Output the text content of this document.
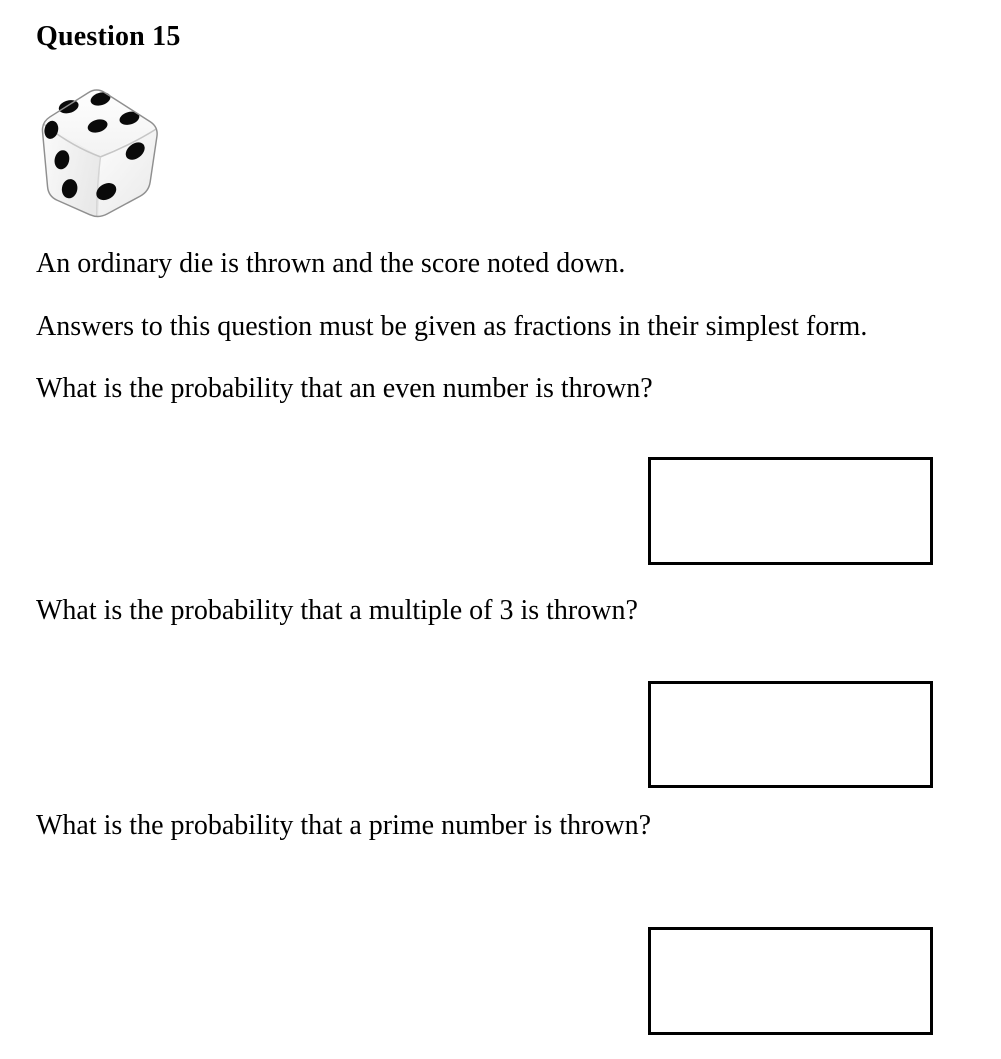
Question 15

An ordinary die is thrown and the score noted down.

Answers to this question must be given as fractions in their simplest form.

What is the probability that an even number is thrown?

What is the probability that a multiple of 3 is thrown?

What is the probability that a prime number is thrown?
